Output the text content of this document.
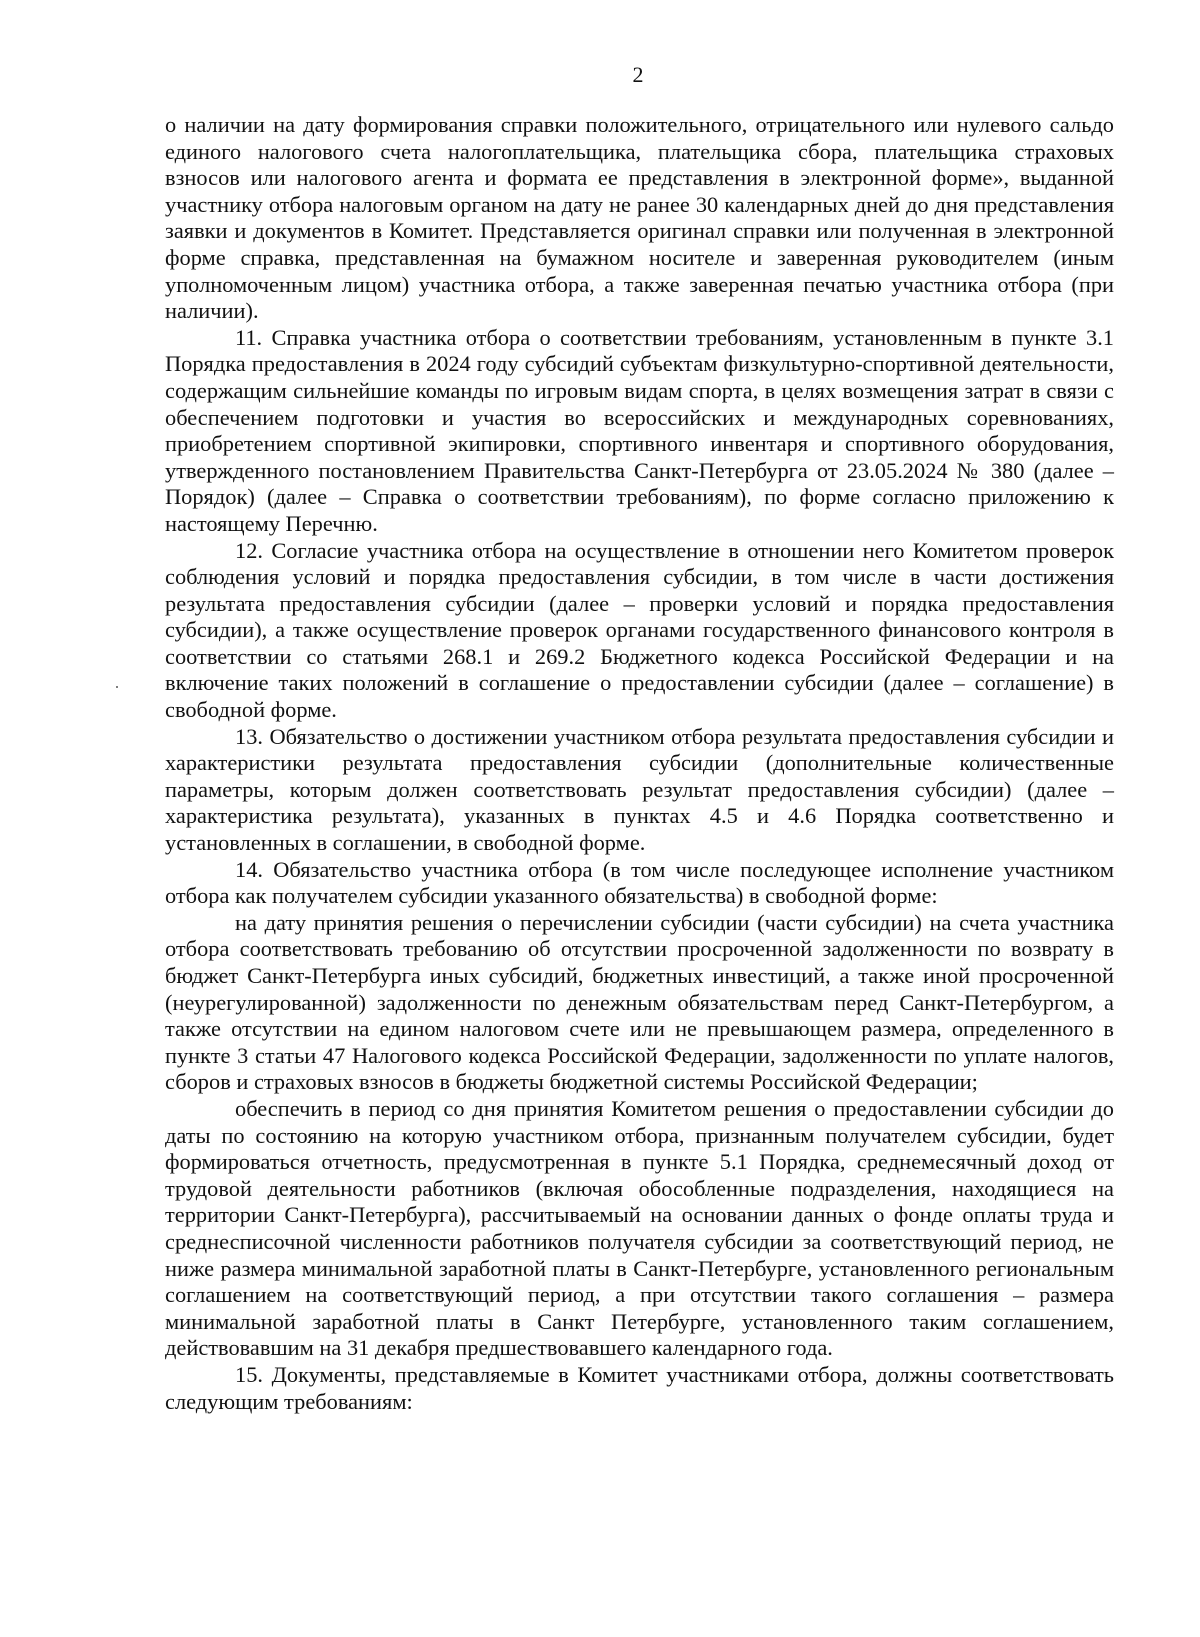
2

о наличии на дату формирования справки положительного, отрицательного или нулевого сальдо единого налогового счета налогоплательщика, плательщика сбора, плательщика страховых взносов или налогового агента и формата ее представления в электронной форме», выданной участнику отбора налоговым органом на дату не ранее 30 календарных дней до дня представления заявки и документов в Комитет. Представляется оригинал справки или полученная в электронной форме справка, представленная на бумажном носителе и заверенная руководителем (иным уполномоченным лицом) участника отбора, а также заверенная печатью участника отбора (при наличии).

11. Справка участника отбора о соответствии требованиям, установленным в пункте 3.1 Порядка предоставления в 2024 году субсидий субъектам физкультурно-спортивной деятельности, содержащим сильнейшие команды по игровым видам спорта, в целях возмещения затрат в связи с обеспечением подготовки и участия во всероссийских и международных соревнованиях, приобретением спортивной экипировки, спортивного инвентаря и спортивного оборудования, утвержденного постановлением Правительства Санкт-Петербурга от 23.05.2024 № 380 (далее – Порядок) (далее – Справка о соответствии требованиям), по форме согласно приложению к настоящему Перечню.

12. Согласие участника отбора на осуществление в отношении него Комитетом проверок соблюдения условий и порядка предоставления субсидии, в том числе в части достижения результата предоставления субсидии (далее – проверки условий и порядка предоставления субсидии), а также осуществление проверок органами государственного финансового контроля в соответствии со статьями 268.1 и 269.2 Бюджетного кодекса Российской Федерации и на включение таких положений в соглашение о предоставлении субсидии (далее – соглашение) в свободной форме.

13. Обязательство о достижении участником отбора результата предоставления субсидии и характеристики результата предоставления субсидии (дополнительные количественные параметры, которым должен соответствовать результат предоставления субсидии) (далее – характеристика результата), указанных в пунктах 4.5 и 4.6 Порядка соответственно и установленных в соглашении, в свободной форме.

14. Обязательство участника отбора (в том числе последующее исполнение участником отбора как получателем субсидии указанного обязательства) в свободной форме:

на дату принятия решения о перечислении субсидии (части субсидии) на счета участника отбора соответствовать требованию об отсутствии просроченной задолженности по возврату в бюджет Санкт-Петербурга иных субсидий, бюджетных инвестиций, а также иной просроченной (неурегулированной) задолженности по денежным обязательствам перед Санкт-Петербургом, а также отсутствии на едином налоговом счете или не превышающем размера, определенного в пункте 3 статьи 47 Налогового кодекса Российской Федерации, задолженности по уплате налогов, сборов и страховых взносов в бюджеты бюджетной системы Российской Федерации;

обеспечить в период со дня принятия Комитетом решения о предоставлении субсидии до даты по состоянию на которую участником отбора, признанным получателем субсидии, будет формироваться отчетность, предусмотренная в пункте 5.1 Порядка, среднемесячный доход от трудовой деятельности работников (включая обособленные подразделения, находящиеся на территории Санкт-Петербурга), рассчитываемый на основании данных о фонде оплаты труда и среднесписочной численности работников получателя субсидии за соответствующий период, не ниже размера минимальной заработной платы в Санкт-Петербурге, установленного региональным соглашением на соответствующий период, а при отсутствии такого соглашения – размера минимальной заработной платы в Санкт Петербурге, установленного таким соглашением, действовавшим на 31 декабря предшествовавшего календарного года.

15. Документы, представляемые в Комитет участниками отбора, должны соответствовать следующим требованиям:
